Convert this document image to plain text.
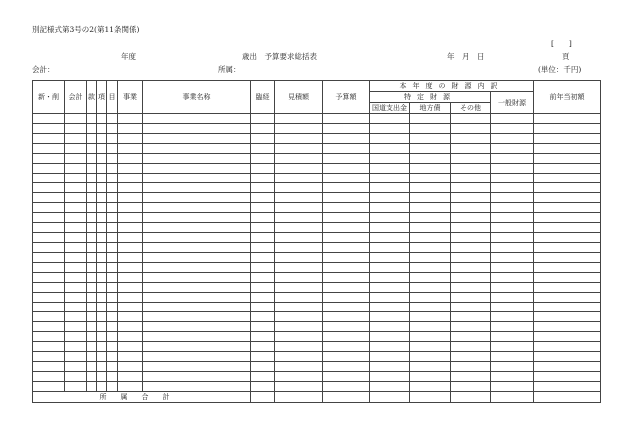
別記様式第3号の2(第11条関係)
[　　]
年度	歳出　予算要求総括表	年　月　日	頁
会計：	所属：	(単位：千円)
新・削	会計	款	項	目	事業	事業名称	臨経	見積額	予算額	本年度の財源内訳				前年当初額
										特定財源			一般財源	
										国道支出金	地方債	その他		

所属合計														
